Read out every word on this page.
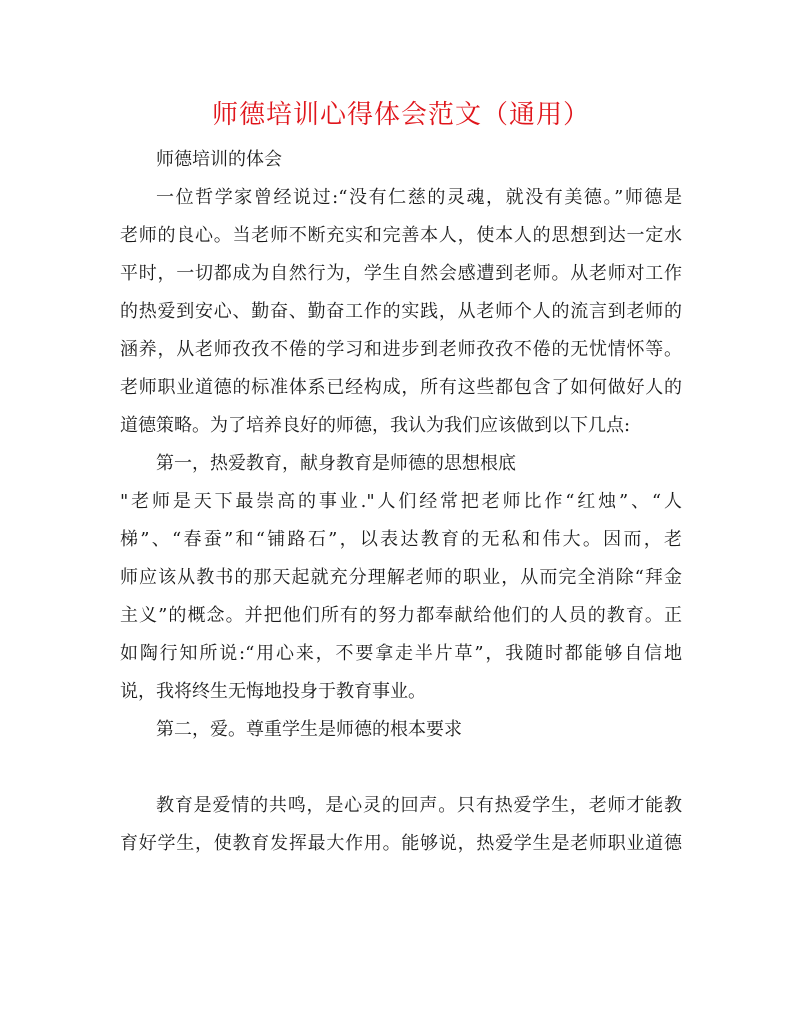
师德培训心得体会范文（通用）
师德培训的体会
一位哲学家曾经说过:“没有仁慈的灵魂，就没有美德。”师德是
老师的良心。当老师不断充实和完善本人，使本人的思想到达一定水
平时，一切都成为自然行为，学生自然会感遭到老师。从老师对工作
的热爱到安心、勤奋、勤奋工作的实践，从老师个人的流言到老师的
涵养，从老师孜孜不倦的学习和进步到老师孜孜不倦的无忧情怀等。
老师职业道德的标准体系已经构成，所有这些都包含了如何做好人的
道德策略。为了培养良好的师德，我认为我们应该做到以下几点:
第一，热爱教育，献身教育是师德的思想根底
"老师是天下最崇高的事业."人们经常把老师比作“红烛”、“人
梯”、“春蚕”和“铺路石”，以表达教育的无私和伟大。因而，老
师应该从教书的那天起就充分理解老师的职业，从而完全消除“拜金
主义”的概念。并把他们所有的努力都奉献给他们的人员的教育。正
如陶行知所说:“用心来，不要拿走半片草”，我随时都能够自信地
说，我将终生无悔地投身于教育事业。
第二，爱。尊重学生是师德的根本要求
教育是爱情的共鸣，是心灵的回声。只有热爱学生，老师才能教
育好学生，使教育发挥最大作用。能够说，热爱学生是老师职业道德
